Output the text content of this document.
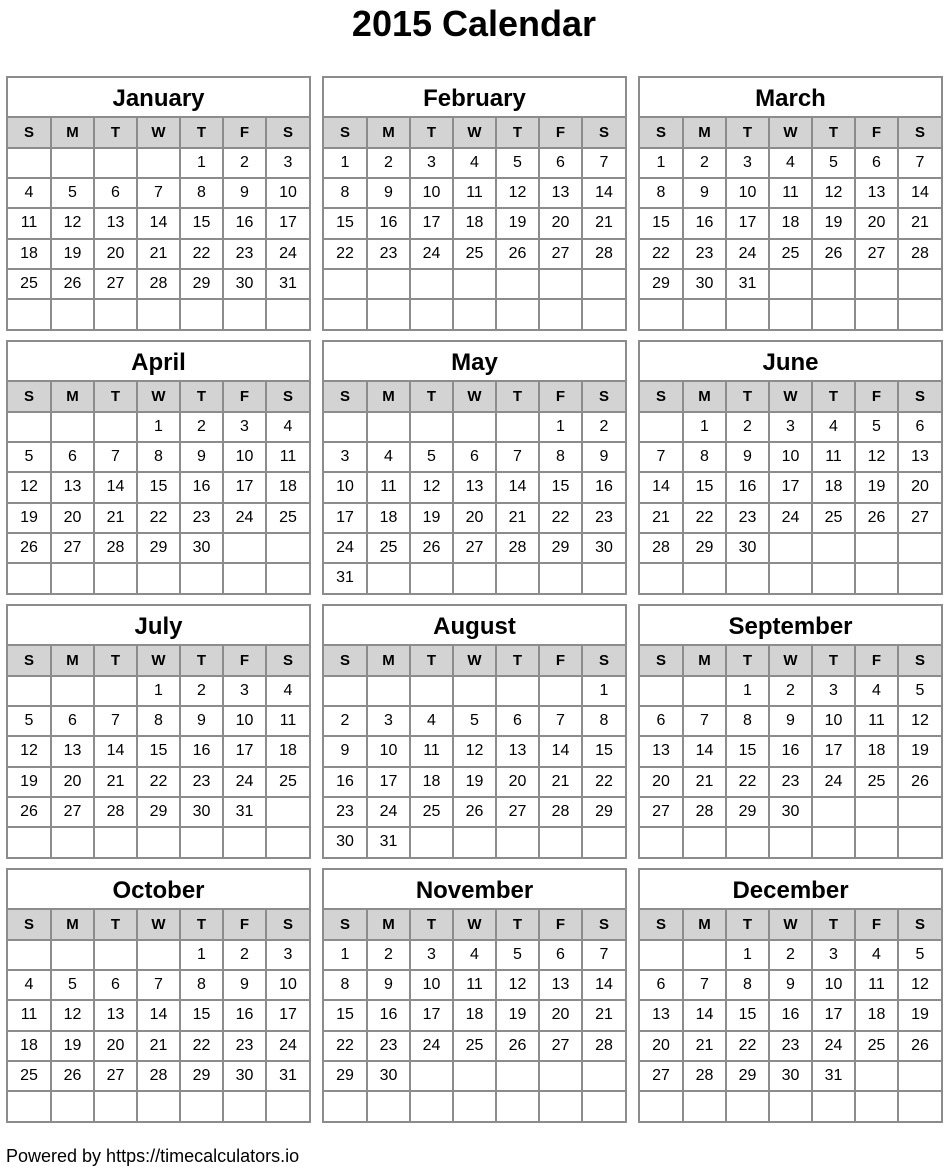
2015 Calendar
January
S	M	T	W	T	F	S
				1	2	3
4	5	6	7	8	9	10
11	12	13	14	15	16	17
18	19	20	21	22	23	24
25	26	27	28	29	30	31

February
S	M	T	W	T	F	S
1	2	3	4	5	6	7
8	9	10	11	12	13	14
15	16	17	18	19	20	21
22	23	24	25	26	27	28

March
S	M	T	W	T	F	S
1	2	3	4	5	6	7
8	9	10	11	12	13	14
15	16	17	18	19	20	21
22	23	24	25	26	27	28
29	30	31				

April
S	M	T	W	T	F	S
			1	2	3	4
5	6	7	8	9	10	11
12	13	14	15	16	17	18
19	20	21	22	23	24	25
26	27	28	29	30		

May
S	M	T	W	T	F	S
					1	2
3	4	5	6	7	8	9
10	11	12	13	14	15	16
17	18	19	20	21	22	23
24	25	26	27	28	29	30
31						
June
S	M	T	W	T	F	S
	1	2	3	4	5	6
7	8	9	10	11	12	13
14	15	16	17	18	19	20
21	22	23	24	25	26	27
28	29	30				

July
S	M	T	W	T	F	S
			1	2	3	4
5	6	7	8	9	10	11
12	13	14	15	16	17	18
19	20	21	22	23	24	25
26	27	28	29	30	31	

August
S	M	T	W	T	F	S
						1
2	3	4	5	6	7	8
9	10	11	12	13	14	15
16	17	18	19	20	21	22
23	24	25	26	27	28	29
30	31					
September
S	M	T	W	T	F	S
		1	2	3	4	5
6	7	8	9	10	11	12
13	14	15	16	17	18	19
20	21	22	23	24	25	26
27	28	29	30			

October
S	M	T	W	T	F	S
				1	2	3
4	5	6	7	8	9	10
11	12	13	14	15	16	17
18	19	20	21	22	23	24
25	26	27	28	29	30	31

November
S	M	T	W	T	F	S
1	2	3	4	5	6	7
8	9	10	11	12	13	14
15	16	17	18	19	20	21
22	23	24	25	26	27	28
29	30					

December
S	M	T	W	T	F	S
		1	2	3	4	5
6	7	8	9	10	11	12
13	14	15	16	17	18	19
20	21	22	23	24	25	26
27	28	29	30	31		

Powered by https://timecalculators.io
